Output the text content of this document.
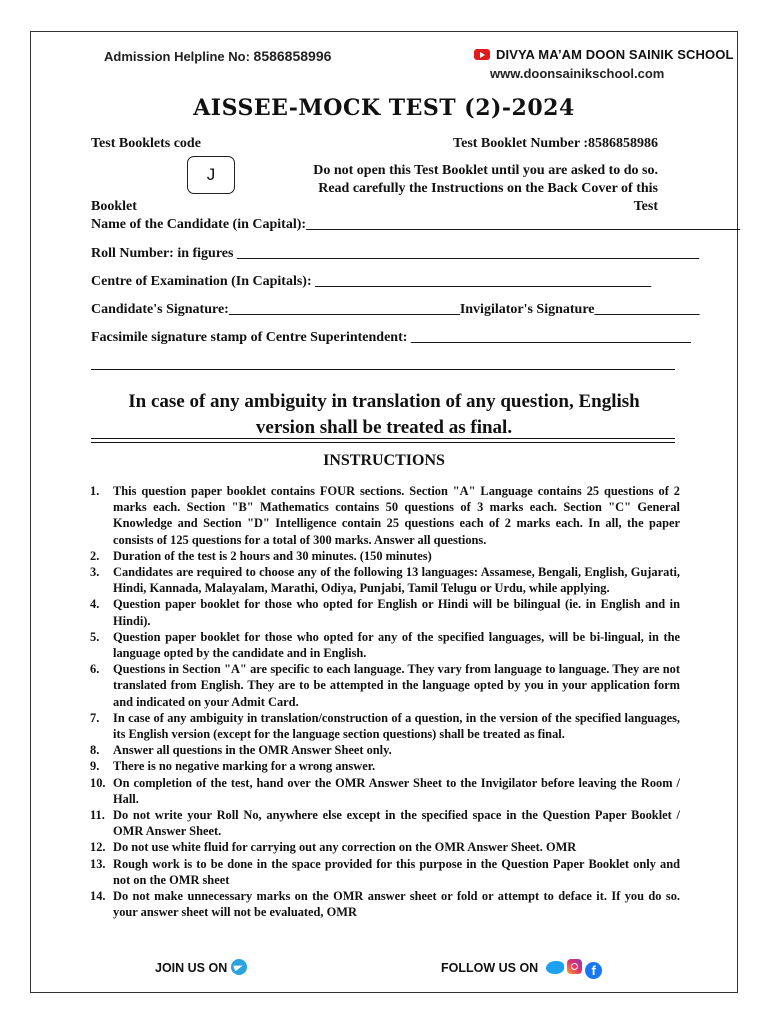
Admission Helpline No: 8586858996	DIVYA MA’AM DOON SAINIK SCHOOL
www.doonsainikschool.com
AISSEE-MOCK TEST (2)-2024
Test Booklets code	Test Booklet Number :8586858986
J	Do not open this Test Booklet until you are asked to do so.
Read carefully the Instructions on the Back Cover of this
Booklet	Test
Name of the Candidate (in Capital):______________________________________________________________
Roll Number: in figures __________________________________________________________________
Centre of Examination (In Capitals): ________________________________________________
Candidate's Signature:_________________________________Invigilator's Signature_______________
Facsimile signature stamp of Centre Superintendent: ________________________________________
In case of any ambiguity in translation of any question, English
version shall be treated as final.
INSTRUCTIONS
1. This question paper booklet contains FOUR sections. Section "A" Language contains 25 questions of 2 marks each. Section "B" Mathematics contains 50 questions of 3 marks each. Section "C" General Knowledge and Section "D" Intelligence contain 25 questions each of 2 marks each. In all, the paper consists of 125 questions for a total of 300 marks. Answer all questions.
2. Duration of the test is 2 hours and 30 minutes. (150 minutes)
3. Candidates are required to choose any of the following 13 languages: Assamese, Bengali, English, Gujarati, Hindi, Kannada, Malayalam, Marathi, Odiya, Punjabi, Tamil Telugu or Urdu, while applying.
4. Question paper booklet for those who opted for English or Hindi will be bilingual (ie. in English and in Hindi).
5. Question paper booklet for those who opted for any of the specified languages, will be bi-lingual, in the language opted by the candidate and in English.
6. Questions in Section "A" are specific to each language. They vary from language to language. They are not translated from English. They are to be attempted in the language opted by you in your application form and indicated on your Admit Card.
7. In case of any ambiguity in translation/construction of a question, in the version of the specified languages, its English version (except for the language section questions) shall be treated as final.
8. Answer all questions in the OMR Answer Sheet only.
9. There is no negative marking for a wrong answer.
10. On completion of the test, hand over the OMR Answer Sheet to the Invigilator before leaving the Room / Hall.
11. Do not write your Roll No, anywhere else except in the specified space in the Question Paper Booklet / OMR Answer Sheet.
12. Do not use white fluid for carrying out any correction on the OMR Answer Sheet. OMR
13. Rough work is to be done in the space provided for this purpose in the Question Paper Booklet only and not on the OMR sheet
14. Do not make unnecessary marks on the OMR answer sheet or fold or attempt to deface it. If you do so. your answer sheet will not be evaluated, OMR
JOIN US ON	FOLLOW US ON	f
